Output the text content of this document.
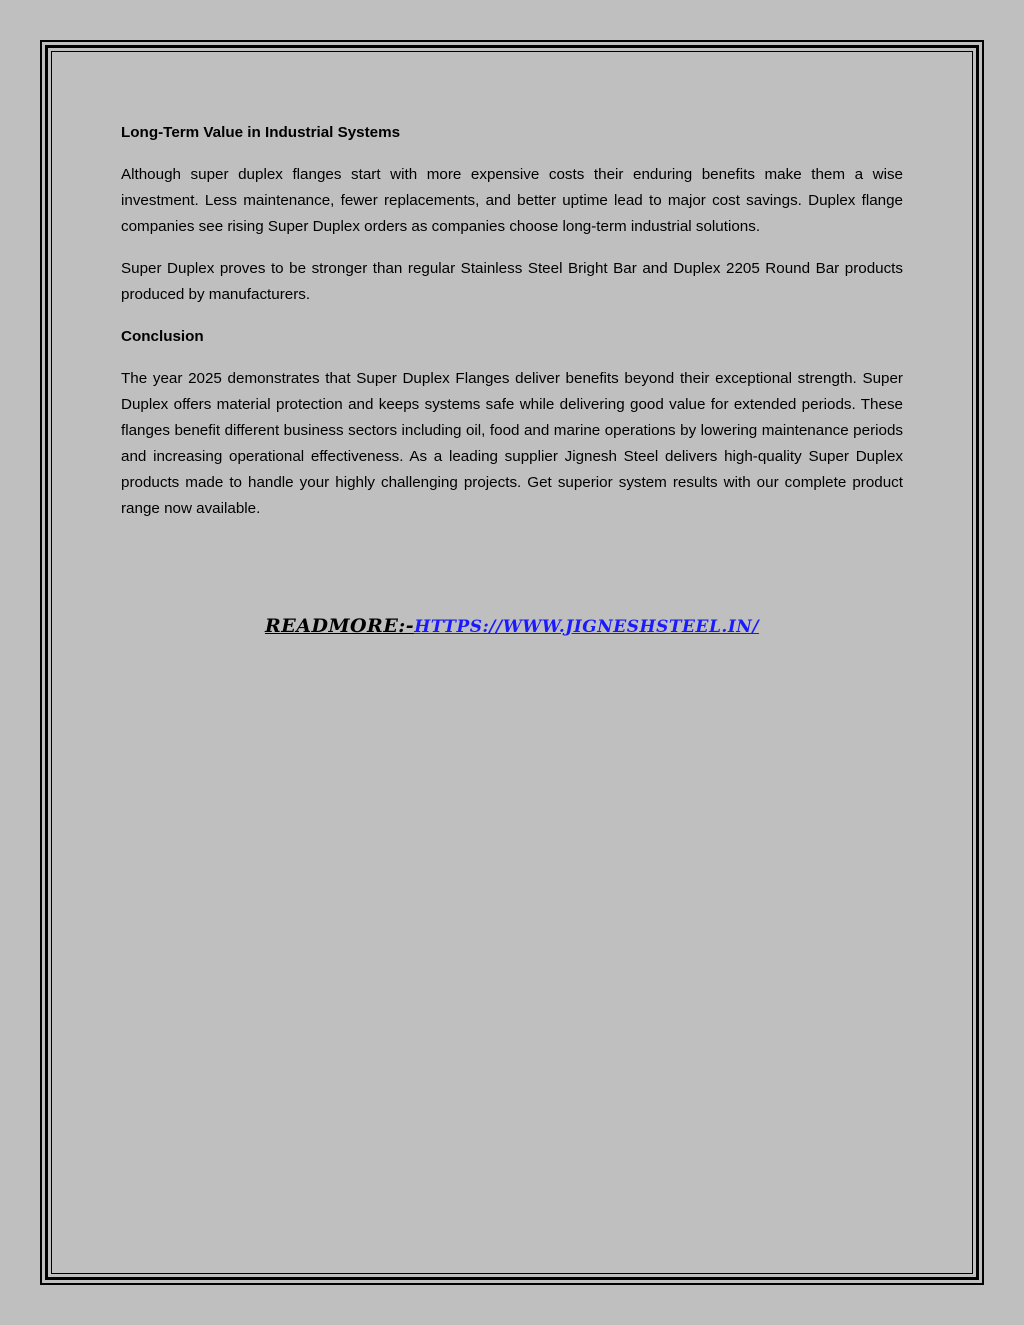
Long-Term Value in Industrial Systems

Although super duplex flanges start with more expensive costs their enduring benefits make them a wise investment. Less maintenance, fewer replacements, and better uptime lead to major cost savings. Duplex flange companies see rising Super Duplex orders as companies choose long-term industrial solutions.

Super Duplex proves to be stronger than regular Stainless Steel Bright Bar and Duplex 2205 Round Bar products produced by manufacturers.

Conclusion

The year 2025 demonstrates that Super Duplex Flanges deliver benefits beyond their exceptional strength. Super Duplex offers material protection and keeps systems safe while delivering good value for extended periods. These flanges benefit different business sectors including oil, food and marine operations by lowering maintenance periods and increasing operational effectiveness. As a leading supplier Jignesh Steel delivers high-quality Super Duplex products made to handle your highly challenging projects. Get superior system results with our complete product range now available.

READMORE:-HTTPS://WWW.JIGNESHSTEEL.IN/
